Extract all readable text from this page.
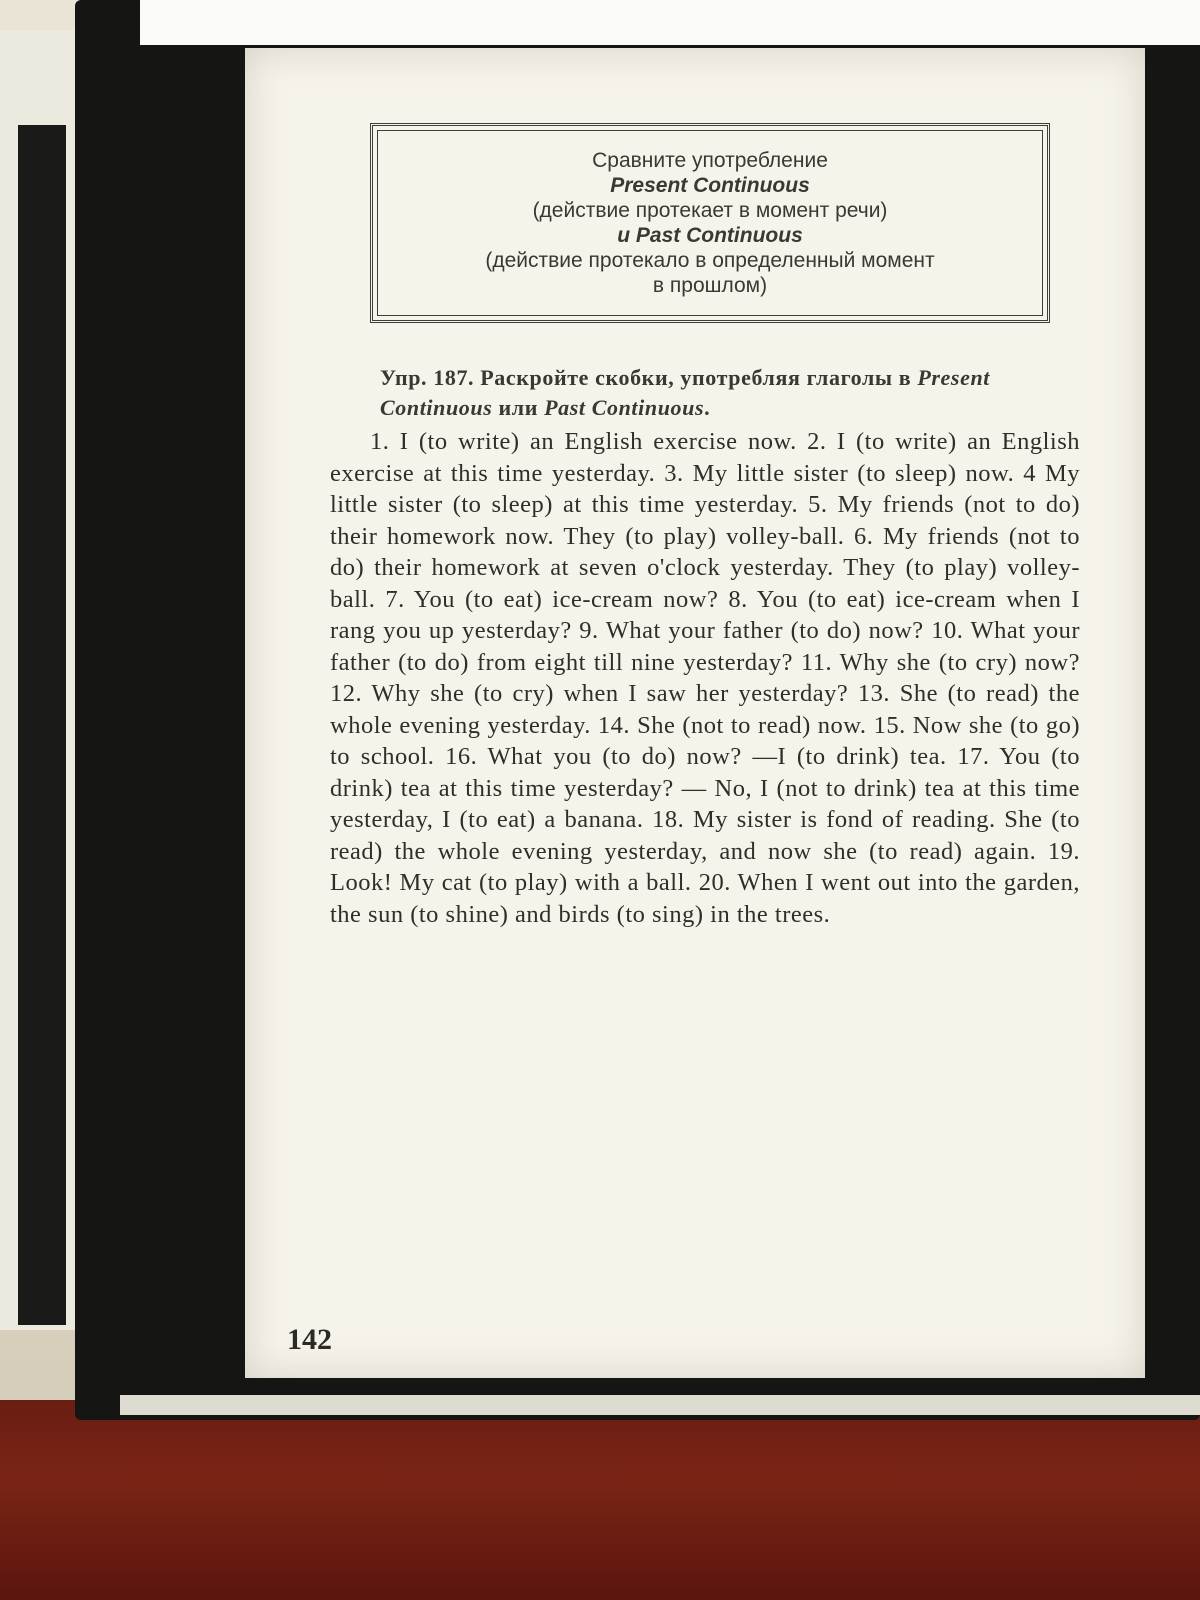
Сравните употребление
Present Continuous
(действие протекает в момент речи)
и Past Continuous
(действие протекало в определенный момент
в прошлом)
Упр. 187. Раскройте скобки, употребляя глаголы в Present Continuous или Past Continuous.
1. I (to write) an English exercise now. 2. I (to write) an English exercise at this time yesterday. 3. My little sister (to sleep) now. 4 My little sister (to sleep) at this time yesterday. 5. My friends (not to do) their homework now. They (to play) volley-ball. 6. My friends (not to do) their homework at seven o'clock yesterday. They (to play) volley-ball. 7. You (to eat) ice-cream now? 8. You (to eat) ice-cream when I rang you up yesterday? 9. What your father (to do) now? 10. What your father (to do) from eight till nine yesterday? 11. Why she (to cry) now? 12. Why she (to cry) when I saw her yesterday? 13. She (to read) the whole evening yesterday. 14. She (not to read) now. 15. Now she (to go) to school. 16. What you (to do) now? —I (to drink) tea. 17. You (to drink) tea at this time yesterday? — No, I (not to drink) tea at this time yesterday, I (to eat) a banana. 18. My sister is fond of reading. She (to read) the whole evening yesterday, and now she (to read) again. 19. Look! My cat (to play) with a ball. 20. When I went out into the garden, the sun (to shine) and birds (to sing) in the trees.
142
